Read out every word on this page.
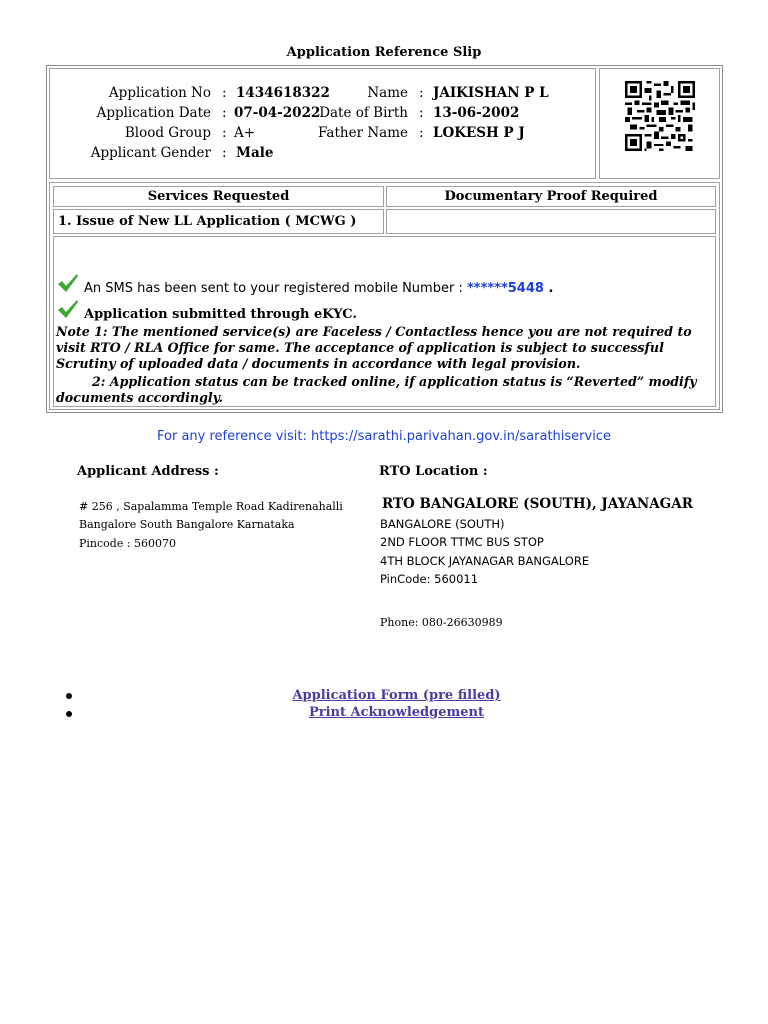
Application Reference Slip
Application No : 1434618322
Application Date : 07-04-2022
Blood Group : A+
Applicant Gender : Male
Name : JAIKISHAN P L
Date of Birth : 13-06-2002
Father Name : LOKESH P J
Services Requested	Documentary Proof Required
1. Issue of New LL Application ( MCWG )
An SMS has been sent to your registered mobile Number : ******5448 .
Application submitted through eKYC.

Note 1: The mentioned service(s) are Faceless / Contactless hence you are not required to visit RTO / RLA Office for same. The acceptance of application is subject to successful Scrutiny of uploaded data / documents in accordance with legal provision.

2: Application status can be tracked online, if application status is “Reverted” modify documents accordingly.

For any reference visit: https://sarathi.parivahan.gov.in/sarathiservice
Applicant Address :	RTO Location :
# 256 , Sapalamma Temple Road Kadirenahalli
Bangalore South Bangalore Karnataka
Pincode : 560070
RTO BANGALORE (SOUTH), JAYANAGAR
BANGALORE (SOUTH)
2ND FLOOR TTMC BUS STOP
4TH BLOCK JAYANAGAR BANGALORE
PinCode: 560011
Phone: 080-26630989
Application Form (pre filled)
Print Acknowledgement
